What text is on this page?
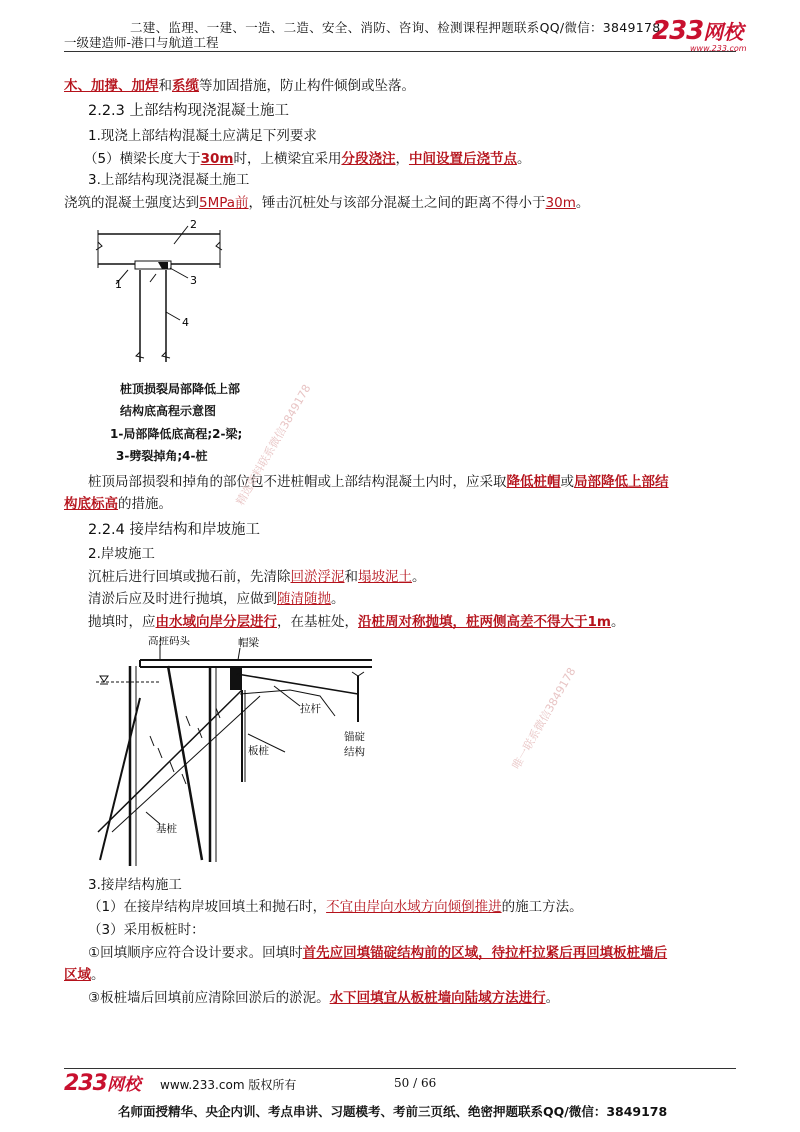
二建、监理、一建、一造、二造、安全、消防、咨询、检测课程押题联系QQ/微信：3849178
一级建造师-港口与航道工程	233网校
www.233.com
木、加撑、加焊和系缆等加固措施，防止构件倾倒或坠落。
2.2.3 上部结构现浇混凝土施工
1.现浇上部结构混凝土应满足下列要求
（5）横梁长度大于30m时，上横梁宜采用分段浇注，中间设置后浇节点。
3.上部结构现浇混凝土施工
浇筑的混凝土强度达到5MPa前，锤击沉桩处与该部分混凝土之间的距离不得小于30m。
1
2
3
4
桩顶损裂局部降低上部
结构底高程示意图
1-局部降低底高程;2-梁;
3-劈裂掉角;4-桩
桩顶局部损裂和掉角的部位包不进桩帽或上部结构混凝土内时，应采取降低桩帽或局部降低上部结
构底标高的措施。
2.2.4 接岸结构和岸坡施工
2.岸坡施工
沉桩后进行回填或抛石前，先清除回淤浮泥和塌坡泥土。
清淤后应及时进行抛填，应做到随清随抛。
抛填时，应由水域向岸分层进行，在基桩处，沿桩周对称抛填，桩两侧高差不得大于1m。
高桩码头	帽梁
拉杆
锚碇
结构
板桩
基桩
3.接岸结构施工
（1）在接岸结构岸坡回填土和抛石时，不宜由岸向水域方向倾倒推进的施工方法。
（3）采用板桩时：
①回填顺序应符合设计要求。回填时首先应回填锚碇结构前的区域，待拉杆拉紧后再回填板桩墙后
区域。
③板桩墙后回填前应清除回淤后的淤泥。水下回填宜从板桩墙向陆域方法进行。
精选资料联系微信3849178
唯一联系微信3849178
233网校 www.233.com 版权所有	50 / 66
名师面授精华、央企内训、考点串讲、习题模考、考前三页纸、绝密押题联系QQ/微信：3849178
